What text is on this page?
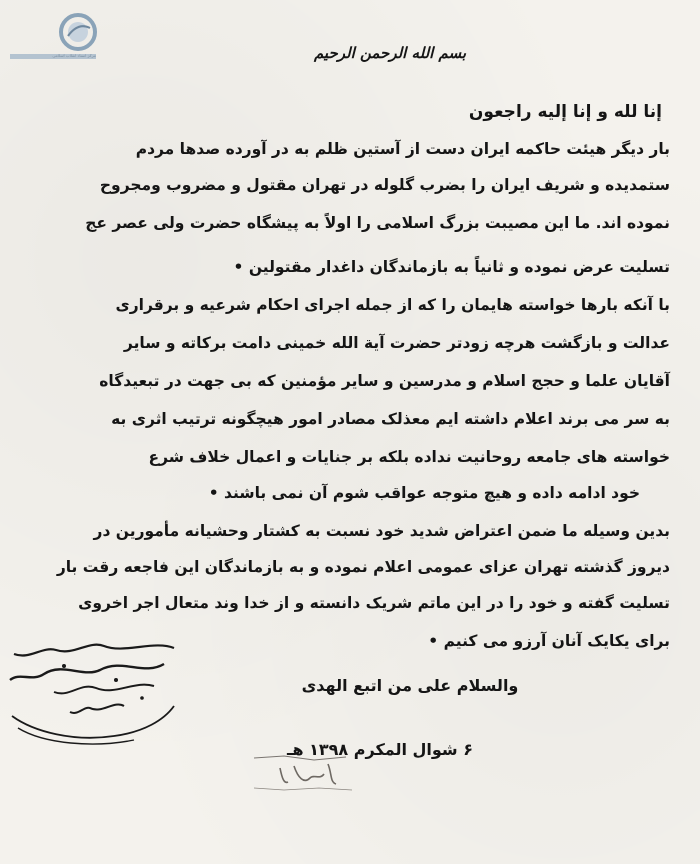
مرکز اسناد انقلاب اسلامی	بسم الله الرحمن الرحیم
إنا لله و إنا إلیه راجعون
بار دیگر هیئت حاکمه ایران دست از آستین ظلم به در آورده صدها مردم
ستمدیده و شریف ایران را بضرب گلوله در تهران مقتول و مضروب ومجروح
نموده اند. ما این مصیبت بزرگ اسلامی را اولاً به پیشگاه حضرت ولی عصر عج
تسلیت عرض نموده و ثانیاً به بازماندگان داغدار مقتولین •
با آنکه بارها خواسته هایمان را که از جمله اجرای احکام شرعیه و برقراری
عدالت و بازگشت هرچه زودتر حضرت آیة الله خمینی دامت برکاته و سایر
آقایان علما و حجج اسلام و مدرسین و سایر مؤمنین که بی جهت در تبعیدگاه
به سر می برند اعلام داشته ایم معذلک مصادر امور هیچگونه ترتیب اثری به
خواسته های جامعه روحانیت نداده بلکه بر جنایات و اعمال خلاف شرع
خود ادامه داده و هیچ متوجه عواقب شوم آن نمی باشند •
بدین وسیله ما ضمن اعتراض شدید خود نسبت به کشتار وحشیانه مأمورین در
دیروز گذشته تهران عزای عمومی اعلام نموده و به بازماندگان این فاجعه رقت بار
تسلیت گفته و خود را در این ماتم شریک دانسته و از خدا وند متعال اجر اخروی
برای یکایک آنان آرزو می کنیم •
والسلام علی من اتبع الهدی
۶ شوال المکرم ۱۳۹۸ هـ
